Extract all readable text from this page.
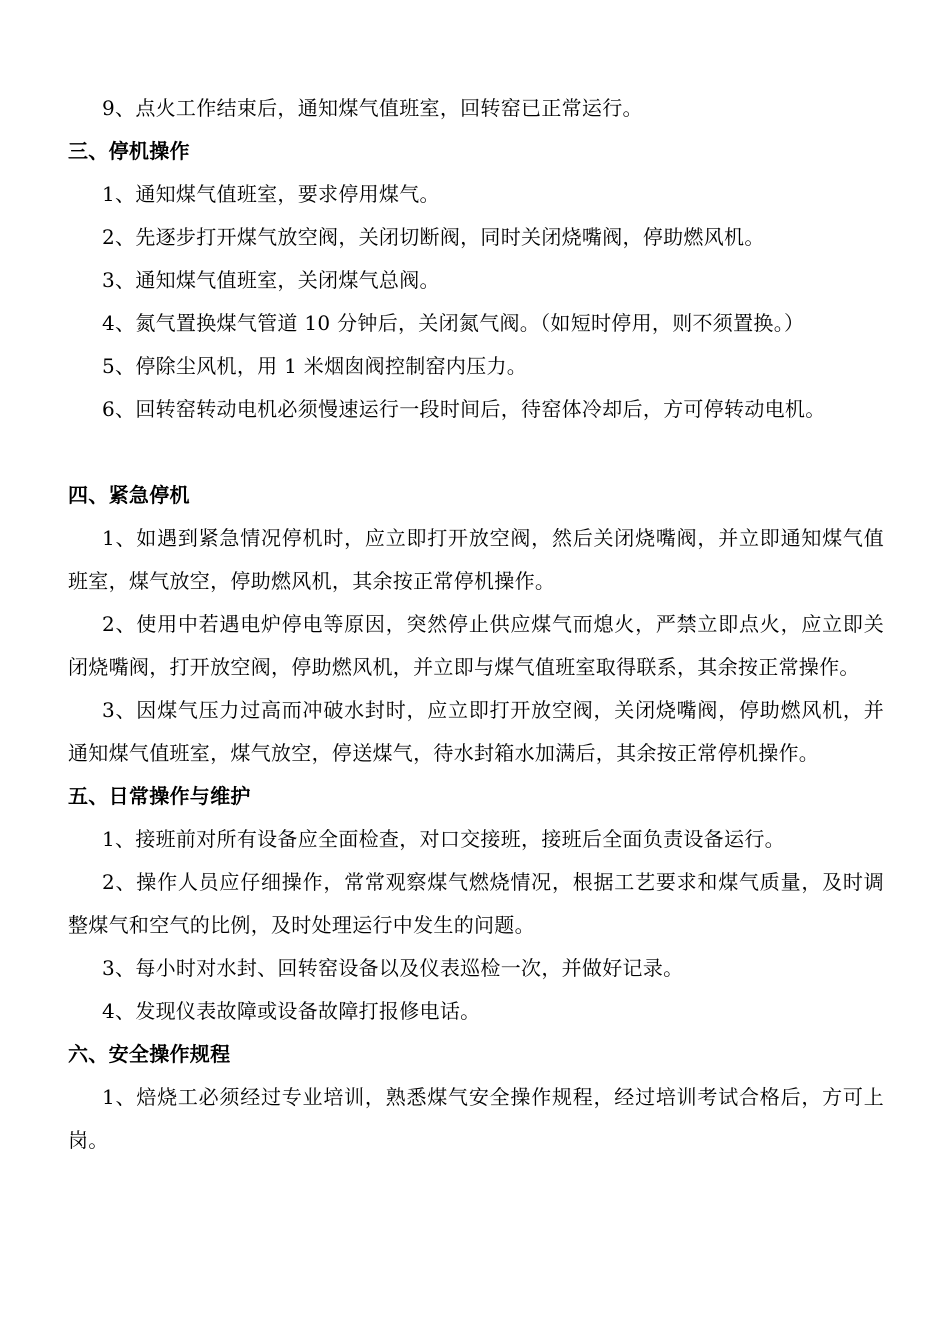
9、点火工作结束后，通知煤气值班室，回转窑已正常运行。

三、停机操作

1、通知煤气值班室，要求停用煤气。

2、先逐步打开煤气放空阀，关闭切断阀，同时关闭烧嘴阀，停助燃风机。

3、通知煤气值班室，关闭煤气总阀。

4、氮气置换煤气管道 10 分钟后，关闭氮气阀。（如短时停用，则不须置换。）

5、停除尘风机，用 1 米烟囱阀控制窑内压力。

6、回转窑转动电机必须慢速运行一段时间后，待窑体冷却后，方可停转动电机。

四、紧急停机

1、如遇到紧急情况停机时，应立即打开放空阀，然后关闭烧嘴阀，并立即通知煤气值班室，煤气放空，停助燃风机，其余按正常停机操作。

2、使用中若遇电炉停电等原因，突然停止供应煤气而熄火，严禁立即点火，应立即关闭烧嘴阀，打开放空阀，停助燃风机，并立即与煤气值班室取得联系，其余按正常操作。

3、因煤气压力过高而冲破水封时，应立即打开放空阀，关闭烧嘴阀，停助燃风机，并通知煤气值班室，煤气放空，停送煤气，待水封箱水加满后，其余按正常停机操作。

五、日常操作与维护

1、接班前对所有设备应全面检查，对口交接班，接班后全面负责设备运行。

2、操作人员应仔细操作，常常观察煤气燃烧情况，根据工艺要求和煤气质量，及时调整煤气和空气的比例，及时处理运行中发生的问题。

3、每小时对水封、回转窑设备以及仪表巡检一次，并做好记录。

4、发现仪表故障或设备故障打报修电话。

六、安全操作规程

1、焙烧工必须经过专业培训，熟悉煤气安全操作规程，经过培训考试合格后，方可上岗。
